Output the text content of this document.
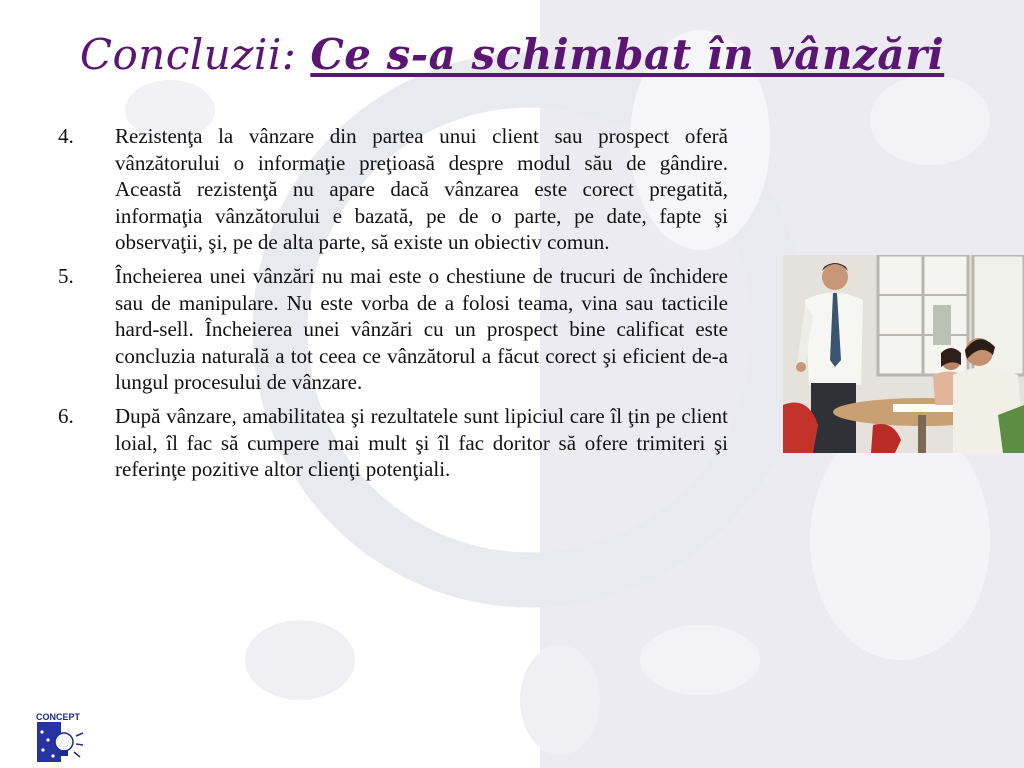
Concluzii: Ce s-a schimbat în vânzări
4.	Rezistenţa la vânzare din partea unui client sau prospect oferă vânzătorului o informaţie preţioasă despre modul său de gândire. Această rezistenţă nu apare dacă vânzarea este corect pregatită, informaţia vânzătorului e bazată, pe de o parte, pe date, fapte şi observaţii, şi, pe de alta parte, să existe un obiectiv comun.
5.	Încheierea unei vânzări nu mai este o chestiune de trucuri de închidere sau de manipulare. Nu este vorba de a folosi teama, vina sau tacticile hard-sell. Încheierea unei vânzări cu un prospect bine calificat este concluzia naturală a tot ceea ce vânzătorul a făcut corect şi eficient de-a lungul procesului de vânzare.
6.	După vânzare, amabilitatea şi rezultatele sunt lipiciul care îl ţin pe client loial, îl fac să cumpere mai mult şi îl fac doritor să ofere trimiteri şi referinţe pozitive altor clienţi potenţiali.
CONCEPT
